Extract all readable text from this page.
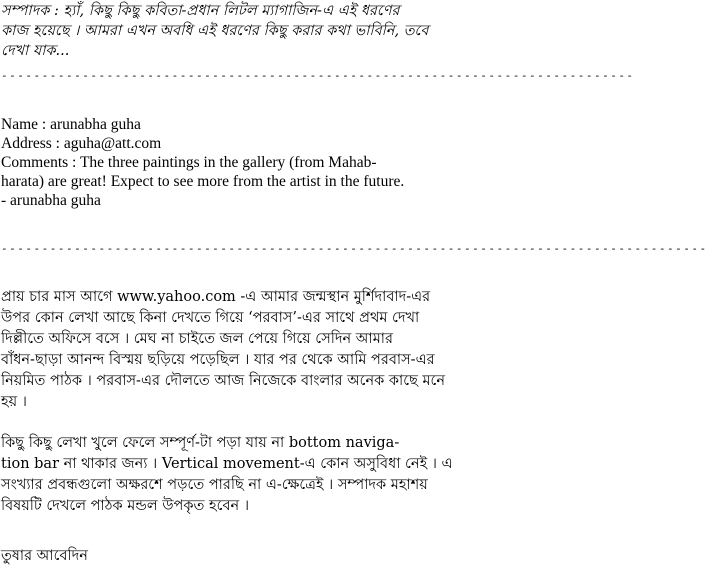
সম্পাদক : হ্যাঁ, কিছু কিছু কবিতা-প্রধান লিটল ম্যাগাজিন-এ এই ধরণের
কাজ হয়েছে । আমরা এখন অবধি এই ধরণের কিছু করার কথা ভাবিনি, তবে
দেখা যাক...
------------------------------------------------------------------------------
Name : arunabha guha
Address : aguha@att.com
Comments : The three paintings in the gallery (from Mahab-
harata) are great! Expect to see more from the artist in the future.
- arunabha guha
---------------------------------------------------------------------------------------
প্রায় চার মাস আগে www.yahoo.com -এ আমার জন্মস্থান মুর্শিদাবাদ-এর
উপর কোন লেখা আছে কিনা দেখতে গিয়ে ‘পরবাস’-এর সাথে প্রথম দেখা
দিল্লীতে অফিসে বসে । মেঘ না চাইতে জল পেয়ে গিয়ে সেদিন আমার
বাঁধন-ছাড়া আনন্দ বিস্ময় ছড়িয়ে পড়েছিল । যার পর থেকে আমি পরবাস-এর
নিয়মিত পাঠক । পরবাস-এর দৌলতে আজ নিজেকে বাংলার অনেক কাছে মনে
হয় ।
কিছু কিছু লেখা খুলে ফেলে সম্পূর্ণ-টা পড়া যায় না bottom naviga-
tion bar না থাকার জন্য । Vertical movement-এ কোন অসুবিধা নেই । এ
সংখ্যার প্রবন্ধগুলো অক্ষরশে পড়তে পারছি না এ-ক্ষেত্রেই । সম্পাদক মহাশয়
বিষয়টি দেখলে পাঠক মন্ডল উপকৃত হবেন ।
তুষার আবেদিন
